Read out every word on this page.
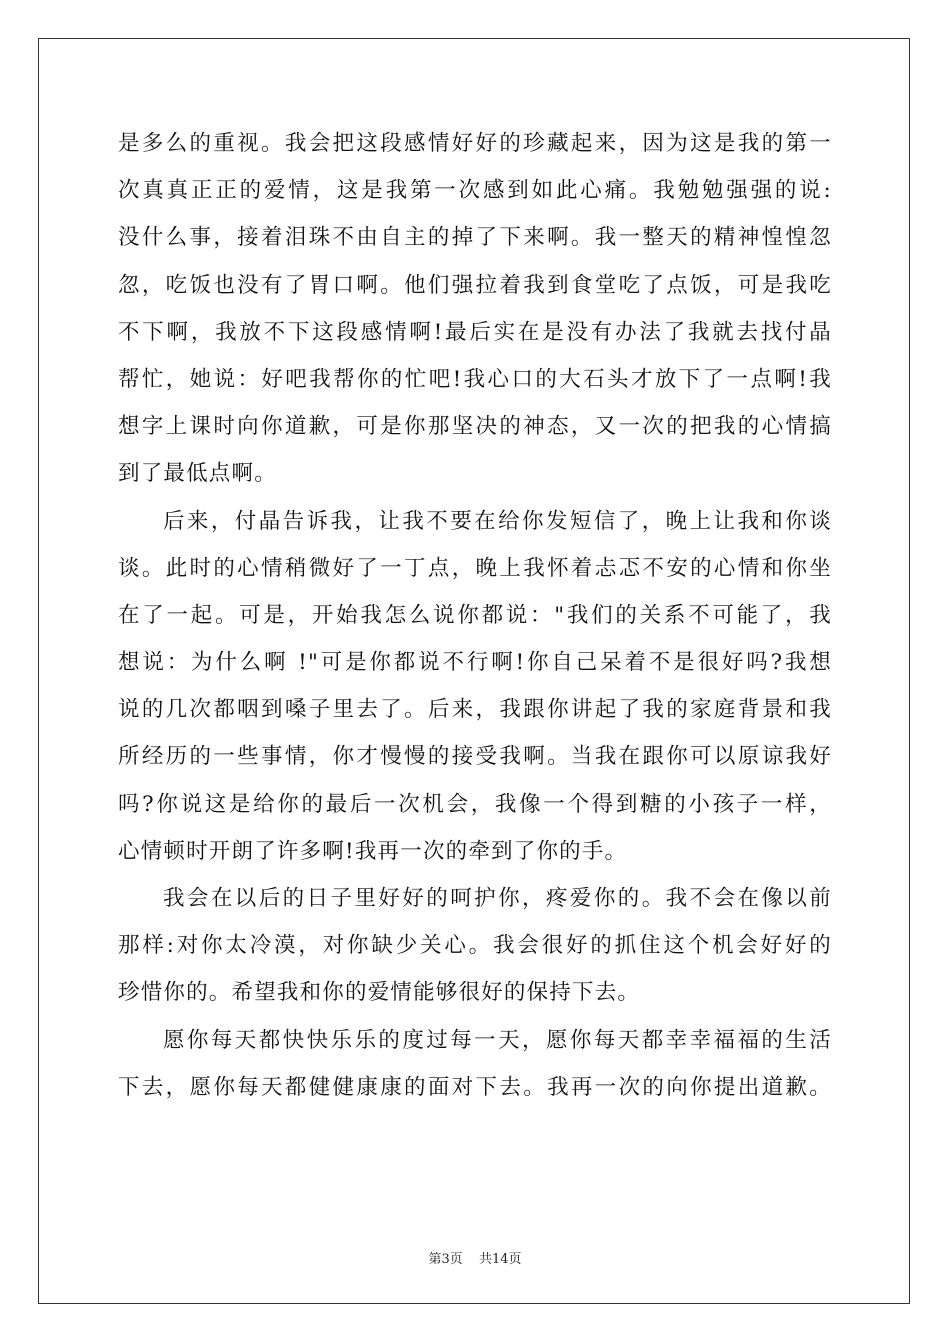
是多么的重视。我会把这段感情好好的珍藏起来，因为这是我的第一
次真真正正的爱情，这是我第一次感到如此心痛。我勉勉强强的说:
没什么事，接着泪珠不由自主的掉了下来啊。我一整天的精神惶惶忽
忽，吃饭也没有了胃口啊。他们强拉着我到食堂吃了点饭，可是我吃
不下啊，我放不下这段感情啊!最后实在是没有办法了我就去找付晶
帮忙，她说：好吧我帮你的忙吧!我心口的大石头才放下了一点啊!我
想字上课时向你道歉，可是你那坚决的神态，又一次的把我的心情搞
到了最低点啊。
后来，付晶告诉我，让我不要在给你发短信了，晚上让我和你谈
谈。此时的心情稍微好了一丁点，晚上我怀着忐忑不安的心情和你坐
在了一起。可是，开始我怎么说你都说："我们的关系不可能了，我
想说：为什么啊 !"可是你都说不行啊!你自己呆着不是很好吗?我想
说的几次都咽到嗓子里去了。后来，我跟你讲起了我的家庭背景和我
所经历的一些事情，你才慢慢的接受我啊。当我在跟你可以原谅我好
吗?你说这是给你的最后一次机会，我像一个得到糖的小孩子一样，
心情顿时开朗了许多啊!我再一次的牵到了你的手。
我会在以后的日子里好好的呵护你，疼爱你的。我不会在像以前
那样:对你太冷漠，对你缺少关心。我会很好的抓住这个机会好好的
珍惜你的。希望我和你的爱情能够很好的保持下去。
愿你每天都快快乐乐的度过每一天，愿你每天都幸幸福福的生活
下去，愿你每天都健健康康的面对下去。我再一次的向你提出道歉。
第3页 共14页
